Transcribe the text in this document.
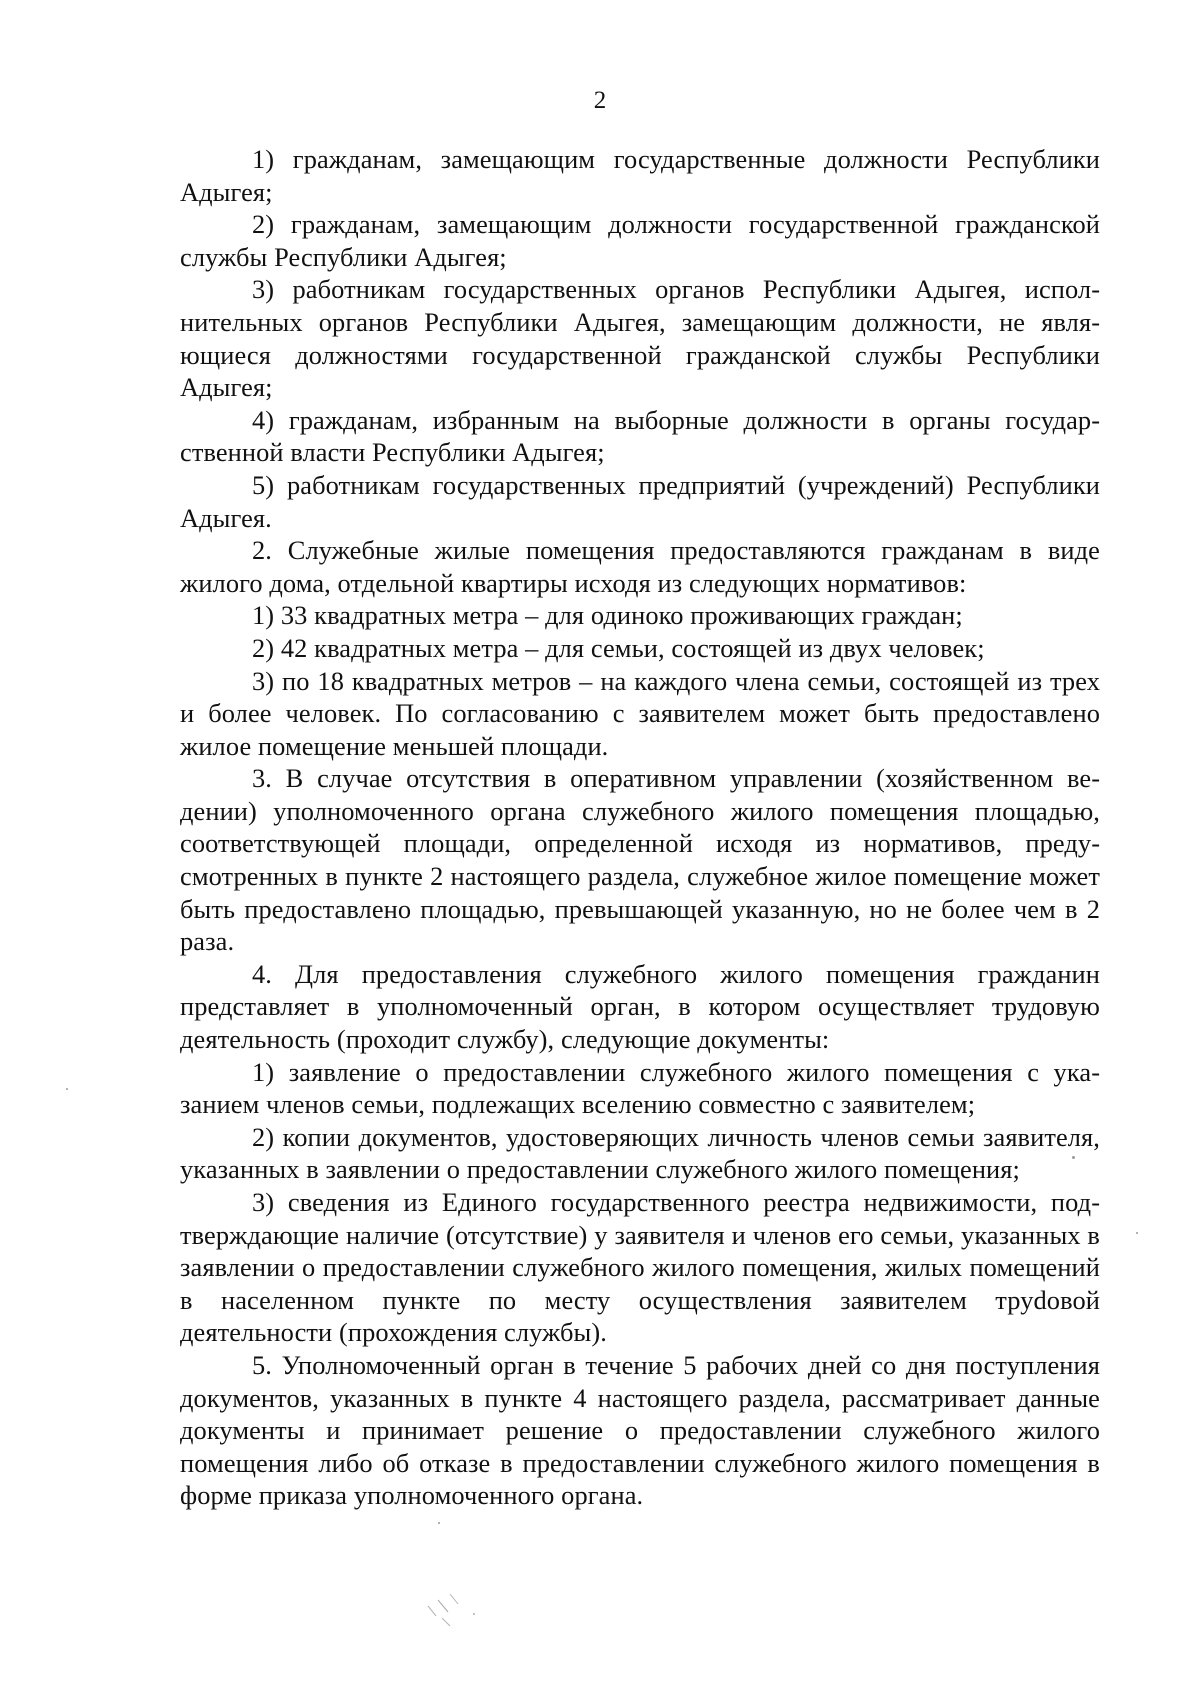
2

1) гражданам, замещающим государственные должности Республики Адыгея;

2) гражданам, замещающим должности государственной гражданской службы Республики Адыгея;

3) работникам государственных органов Республики Адыгея, исполнительных органов Республики Адыгея, замещающим должности, не являющиеся должностями государственной гражданской службы Республики Адыгея;

4) гражданам, избранным на выборные должности в органы государственной власти Республики Адыгея;

5) работникам государственных предприятий (учреждений) Республики Адыгея.

2. Служебные жилые помещения предоставляются гражданам в виде жилого дома, отдельной квартиры исходя из следующих нормативов:

1) 33 квадратных метра – для одиноко проживающих граждан;

2) 42 квадратных метра – для семьи, состоящей из двух человек;

3) по 18 квадратных метров – на каждого члена семьи, состоящей из трех и более человек. По согласованию с заявителем может быть предоставлено жилое помещение меньшей площади.

3. В случае отсутствия в оперативном управлении (хозяйственном ведении) уполномоченного органа служебного жилого помещения площадью, соответствующей площади, определенной исходя из нормативов, предусмотренных в пункте 2 настоящего раздела, служебное жилое помещение может быть предоставлено площадью, превышающей указанную, но не более чем в 2 раза.

4. Для предоставления служебного жилого помещения гражданин представляет в уполномоченный орган, в котором осуществляет трудовую деятельность (проходит службу), следующие документы:

1) заявление о предоставлении служебного жилого помещения с указанием членов семьи, подлежащих вселению совместно с заявителем;

2) копии документов, удостоверяющих личность членов семьи заявителя, указанных в заявлении о предоставлении служебного жилого помещения;

3) сведения из Единого государственного реестра недвижимости, подтверждающие наличие (отсутствие) у заявителя и членов его семьи, указанных в заявлении о предоставлении служебного жилого помещения, жилых помещений в населенном пункте по месту осуществления заявителем труdовой деятельности (прохождения службы).

5. Уполномоченный орган в течение 5 рабочих дней со дня поступления документов, указанных в пункте 4 настоящего раздела, рассматривает данные документы и принимает решение о предоставлении служебного жилого помещения либо об отказе в предоставлении служебного жилого помещения в форме приказа уполномоченного органа.
